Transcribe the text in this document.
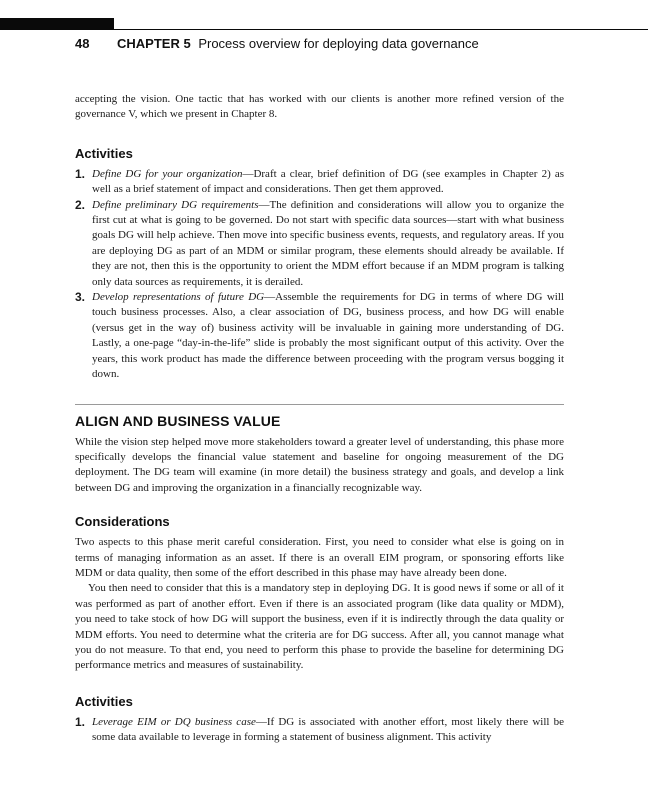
48 CHAPTER 5 Process overview for deploying data governance

accepting the vision. One tactic that has worked with our clients is another more refined version of the governance V, which we present in Chapter 8.

Activities
1. Define DG for your organization—Draft a clear, brief definition of DG (see examples in Chapter 2) as well as a brief statement of impact and considerations. Then get them approved.

2. Define preliminary DG requirements—The definition and considerations will allow you to organize the first cut at what is going to be governed. Do not start with specific data sources—start with what business goals DG will help achieve. Then move into specific business events, requests, and regulatory areas. If you are deploying DG as part of an MDM or similar program, these elements should already be available. If they are not, then this is the opportunity to orient the MDM effort because if an MDM program is talking only data sources as requirements, it is derailed.

3. Develop representations of future DG—Assemble the requirements for DG in terms of where DG will touch business processes. Also, a clear association of DG, business process, and how DG will enable (versus get in the way of) business activity will be invaluable in gaining more understanding of DG. Lastly, a one-page “day-in-the-life” slide is probably the most significant output of this activity. Over the years, this work product has made the difference between proceeding with the program versus bogging it down.

ALIGN AND BUSINESS VALUE

While the vision step helped move more stakeholders toward a greater level of understanding, this phase more specifically develops the financial value statement and baseline for ongoing measurement of the DG deployment. The DG team will examine (in more detail) the business strategy and goals, and develop a link between DG and improving the organization in a financially recognizable way.

Considerations

Two aspects to this phase merit careful consideration. First, you need to consider what else is going on in terms of managing information as an asset. If there is an overall EIM program, or sponsoring efforts like MDM or data quality, then some of the effort described in this phase may have already been done.

You then need to consider that this is a mandatory step in deploying DG. It is good news if some or all of it was performed as part of another effort. Even if there is an associated program (like data quality or MDM), you need to take stock of how DG will support the business, even if it is indirectly through the data quality or MDM efforts. You need to determine what the criteria are for DG success. After all, you cannot manage what you do not measure. To that end, you need to perform this phase to provide the baseline for determining DG performance metrics and measures of sustainability.

Activities
1. Leverage EIM or DQ business case—If DG is associated with another effort, most likely there will be some data available to leverage in forming a statement of business alignment. This activity
